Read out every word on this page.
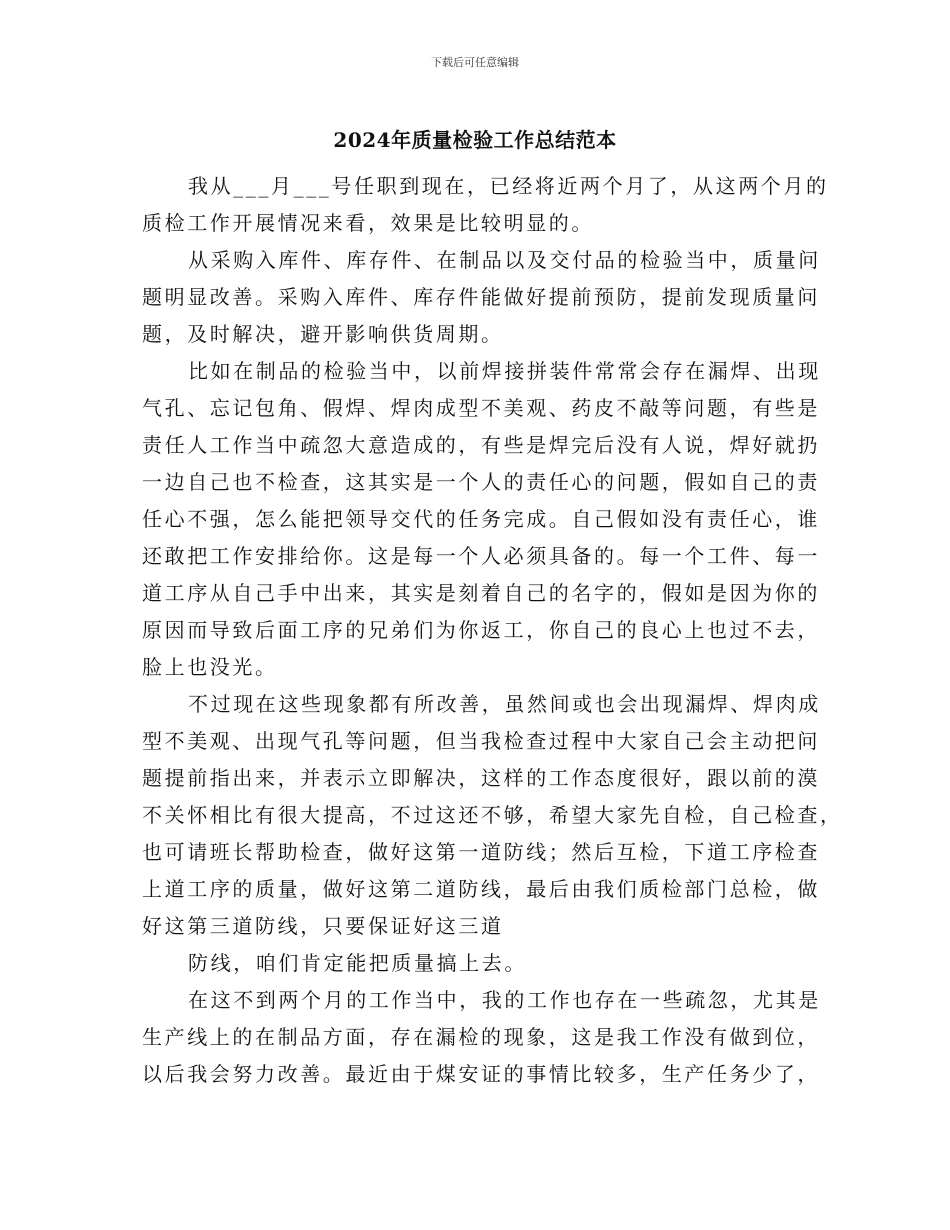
下载后可任意编辑
2024年质量检验工作总结范本

我从___月___号任职到现在，已经将近两个月了，从这两个月的
质检工作开展情况来看，效果是比较明显的。

从采购入库件、库存件、在制品以及交付品的检验当中，质量问
题明显改善。采购入库件、库存件能做好提前预防，提前发现质量问
题，及时解决，避开影响供货周期。

比如在制品的检验当中，以前焊接拼装件常常会存在漏焊、出现
气孔、忘记包角、假焊、焊肉成型不美观、药皮不敲等问题，有些是
责任人工作当中疏忽大意造成的，有些是焊完后没有人说，焊好就扔
一边自己也不检查，这其实是一个人的责任心的问题，假如自己的责
任心不强，怎么能把领导交代的任务完成。自己假如没有责任心，谁
还敢把工作安排给你。这是每一个人必须具备的。每一个工件、每一
道工序从自己手中出来，其实是刻着自己的名字的，假如是因为你的
原因而导致后面工序的兄弟们为你返工，你自己的良心上也过不去，
脸上也没光。

不过现在这些现象都有所改善，虽然间或也会出现漏焊、焊肉成
型不美观、出现气孔等问题，但当我检查过程中大家自己会主动把问
题提前指出来，并表示立即解决，这样的工作态度很好，跟以前的漠
不关怀相比有很大提高，不过这还不够，希望大家先自检，自己检查，
也可请班长帮助检查，做好这第一道防线；然后互检，下道工序检查
上道工序的质量，做好这第二道防线，最后由我们质检部门总检，做
好这第三道防线，只要保证好这三道

防线，咱们肯定能把质量搞上去。

在这不到两个月的工作当中，我的工作也存在一些疏忽，尤其是
生产线上的在制品方面，存在漏检的现象，这是我工作没有做到位，
以后我会努力改善。最近由于煤安证的事情比较多，生产任务少了，
